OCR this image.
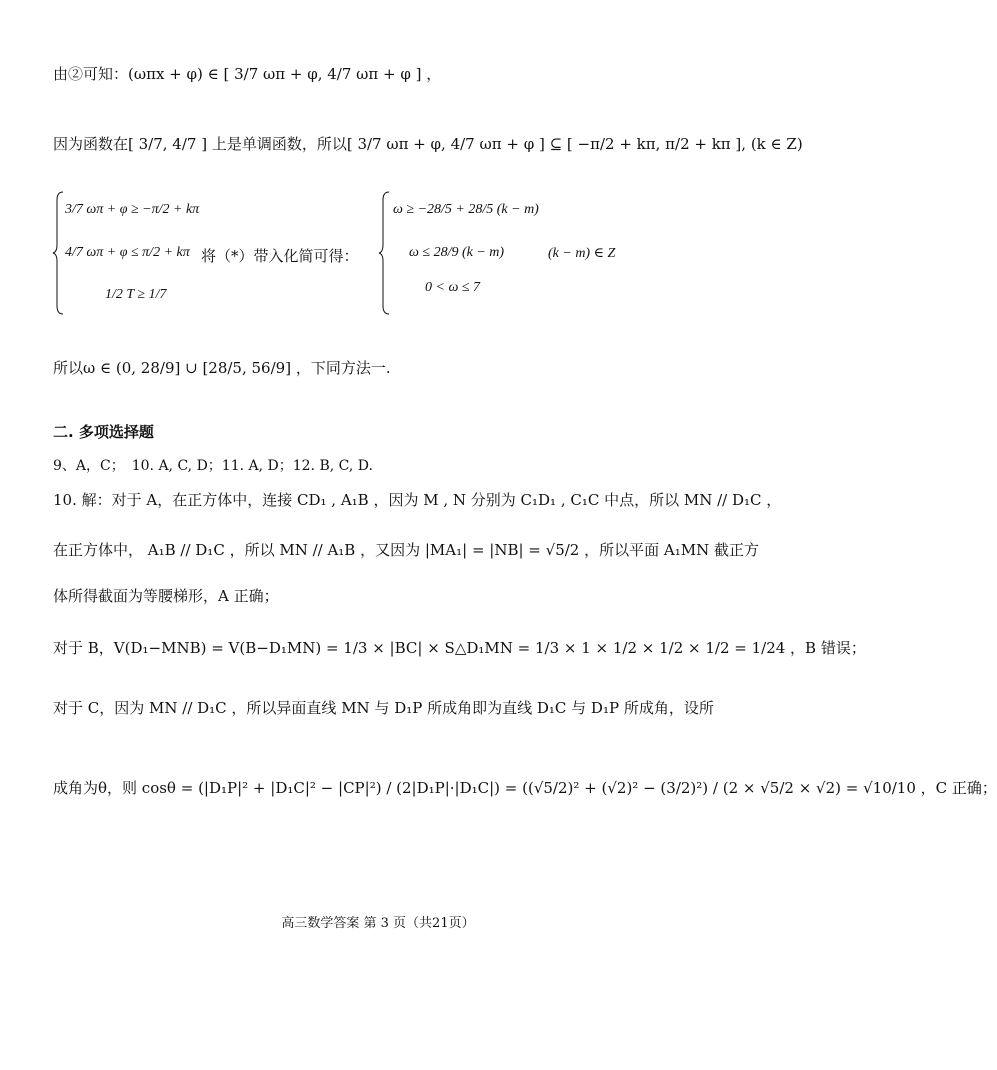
由②可知：(ωπx + φ) ∈ [ 3/7 ωπ + φ, 4/7 ωπ + φ ] ，
因为函数在[ 3/7, 4/7 ] 上是单调函数，所以[ 3/7 ωπ + φ, 4/7 ωπ + φ ] ⊆ [ −π/2 + kπ, π/2 + kπ ], (k ∈ Z)
3/7 ωπ + φ ≥ −π/2 + kπ
4/7 ωπ + φ ≤ π/2 + kπ
1/2 T ≥ 1/7
将（*）带入化简可得：
ω ≥ −28/5 + 28/5 (k − m)
ω ≤ 28/9 (k − m)
0 < ω ≤ 7
(k − m) ∈ Z
所以ω ∈ (0, 28/9] ∪ [28/5, 56/9] ，下同方法一.
二. 多项选择题
9、A，C；　10. A, C, D；11. A, D；12. B, C, D.
10. 解：对于 A，在正方体中，连接 CD₁ , A₁B ，因为 M , N 分别为 C₁D₁ , C₁C 中点，所以 MN // D₁C ，
在正方体中， A₁B // D₁C ，所以 MN // A₁B ，又因为 |MA₁| = |NB| = √5/2 ，所以平面 A₁MN 截正方
体所得截面为等腰梯形，A 正确；
对于 B，V(D₁−MNB) = V(B−D₁MN) = 1/3 × |BC| × S△D₁MN = 1/3 × 1 × 1/2 × 1/2 × 1/2 = 1/24 ，B 错误；
对于 C，因为 MN // D₁C ，所以异面直线 MN 与 D₁P 所成角即为直线 D₁C 与 D₁P 所成角，设所
成角为θ，则 cosθ = (|D₁P|² + |D₁C|² − |CP|²) / (2|D₁P|·|D₁C|) = ((√5/2)² + (√2)² − (3/2)²) / (2 × √5/2 × √2) = √10/10 ，C 正确；
高三数学答案 第 3 页（共21页）
